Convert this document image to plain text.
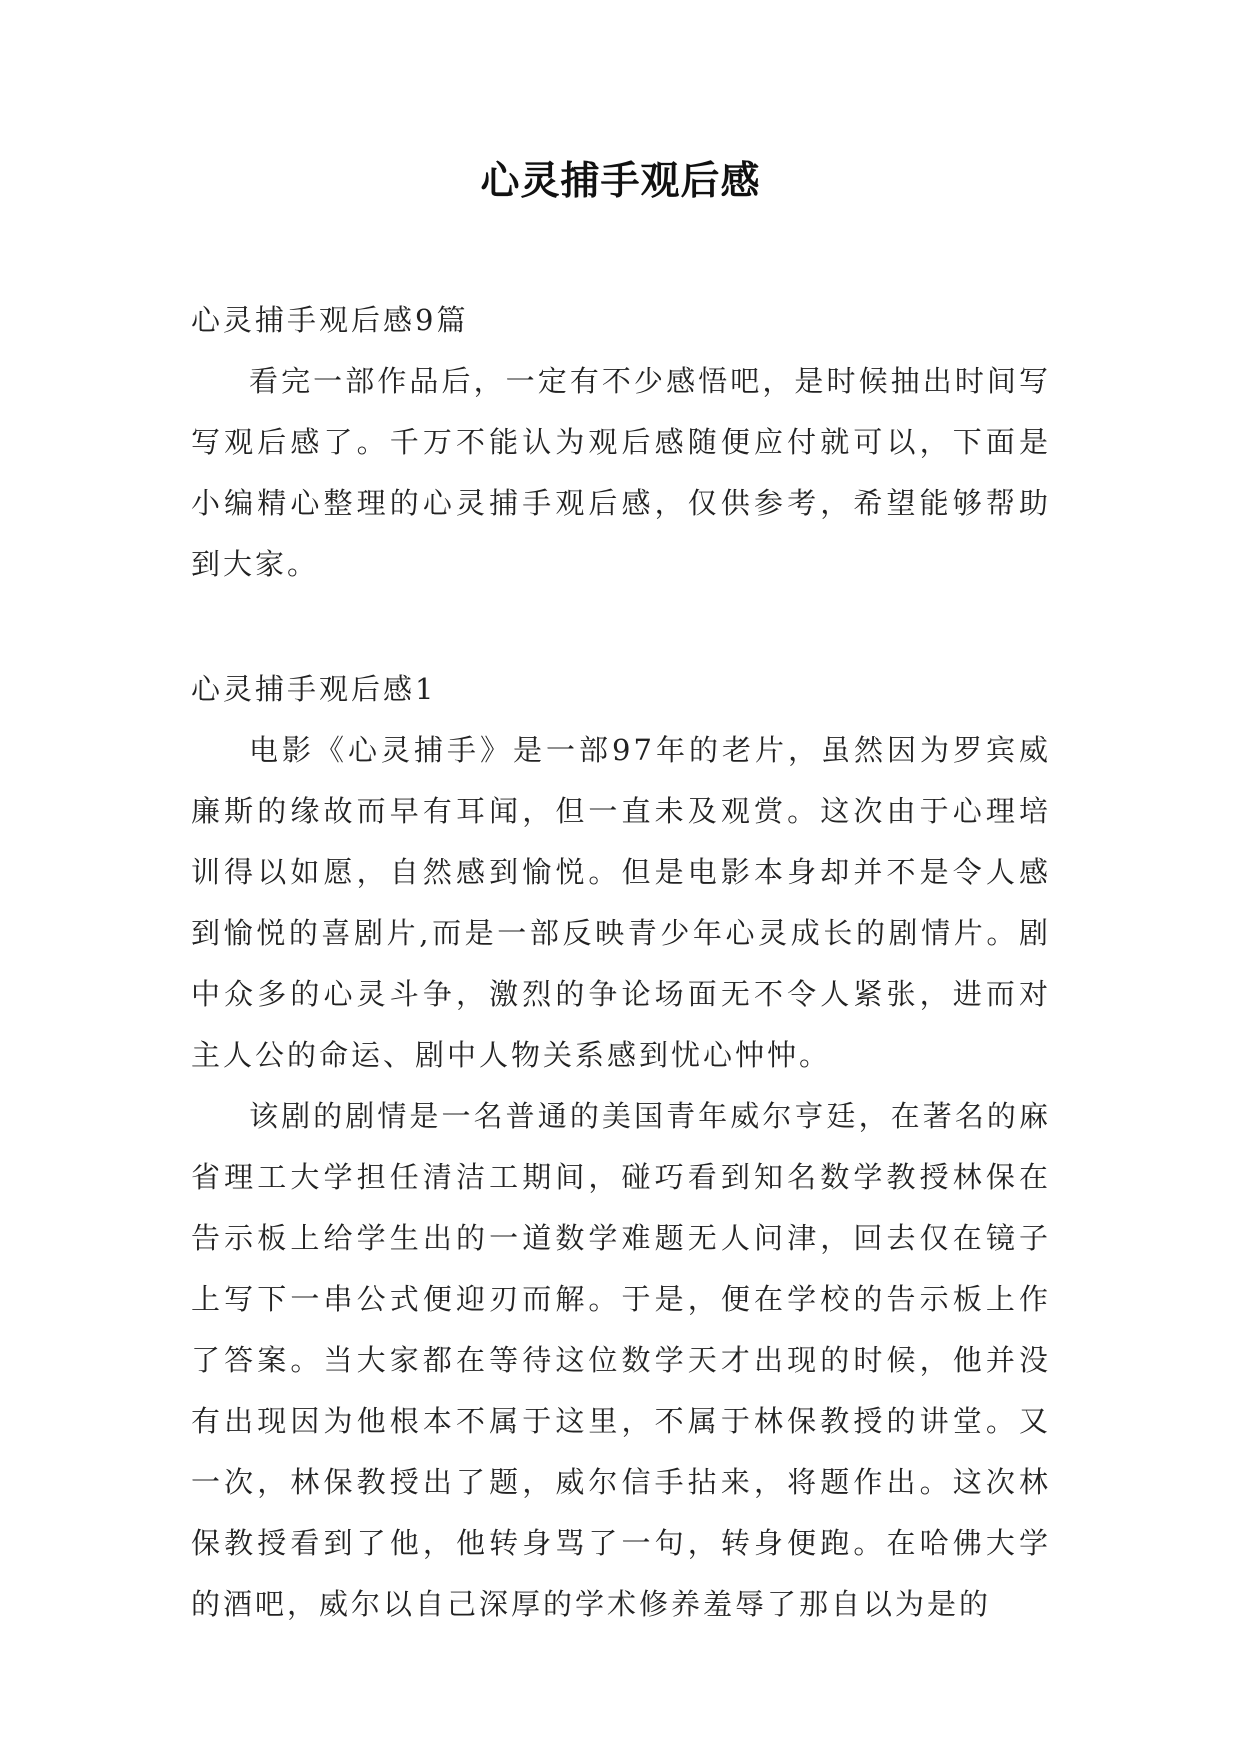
心灵捕手观后感

心灵捕手观后感9篇

看完一部作品后，一定有不少感悟吧，是时候抽出时间写写观后感了。千万不能认为观后感随便应付就可以，下面是小编精心整理的心灵捕手观后感，仅供参考，希望能够帮助到大家。

心灵捕手观后感1

电影《心灵捕手》是一部97年的老片，虽然因为罗宾威廉斯的缘故而早有耳闻，但一直未及观赏。这次由于心理培训得以如愿，自然感到愉悦。但是电影本身却并不是令人感到愉悦的喜剧片,而是一部反映青少年心灵成长的剧情片。剧中众多的心灵斗争，激烈的争论场面无不令人紧张，进而对主人公的命运、剧中人物关系感到忧心忡忡。

该剧的剧情是一名普通的美国青年威尔亨廷，在著名的麻省理工大学担任清洁工期间，碰巧看到知名数学教授林保在告示板上给学生出的一道数学难题无人问津，回去仅在镜子上写下一串公式便迎刃而解。于是，便在学校的告示板上作了答案。当大家都在等待这位数学天才出现的时候，他并没有出现因为他根本不属于这里，不属于林保教授的讲堂。又一次，林保教授出了题，威尔信手拈来，将题作出。这次林保教授看到了他，他转身骂了一句，转身便跑。在哈佛大学的酒吧，威尔以自己深厚的学术修养羞辱了那自以为是的
